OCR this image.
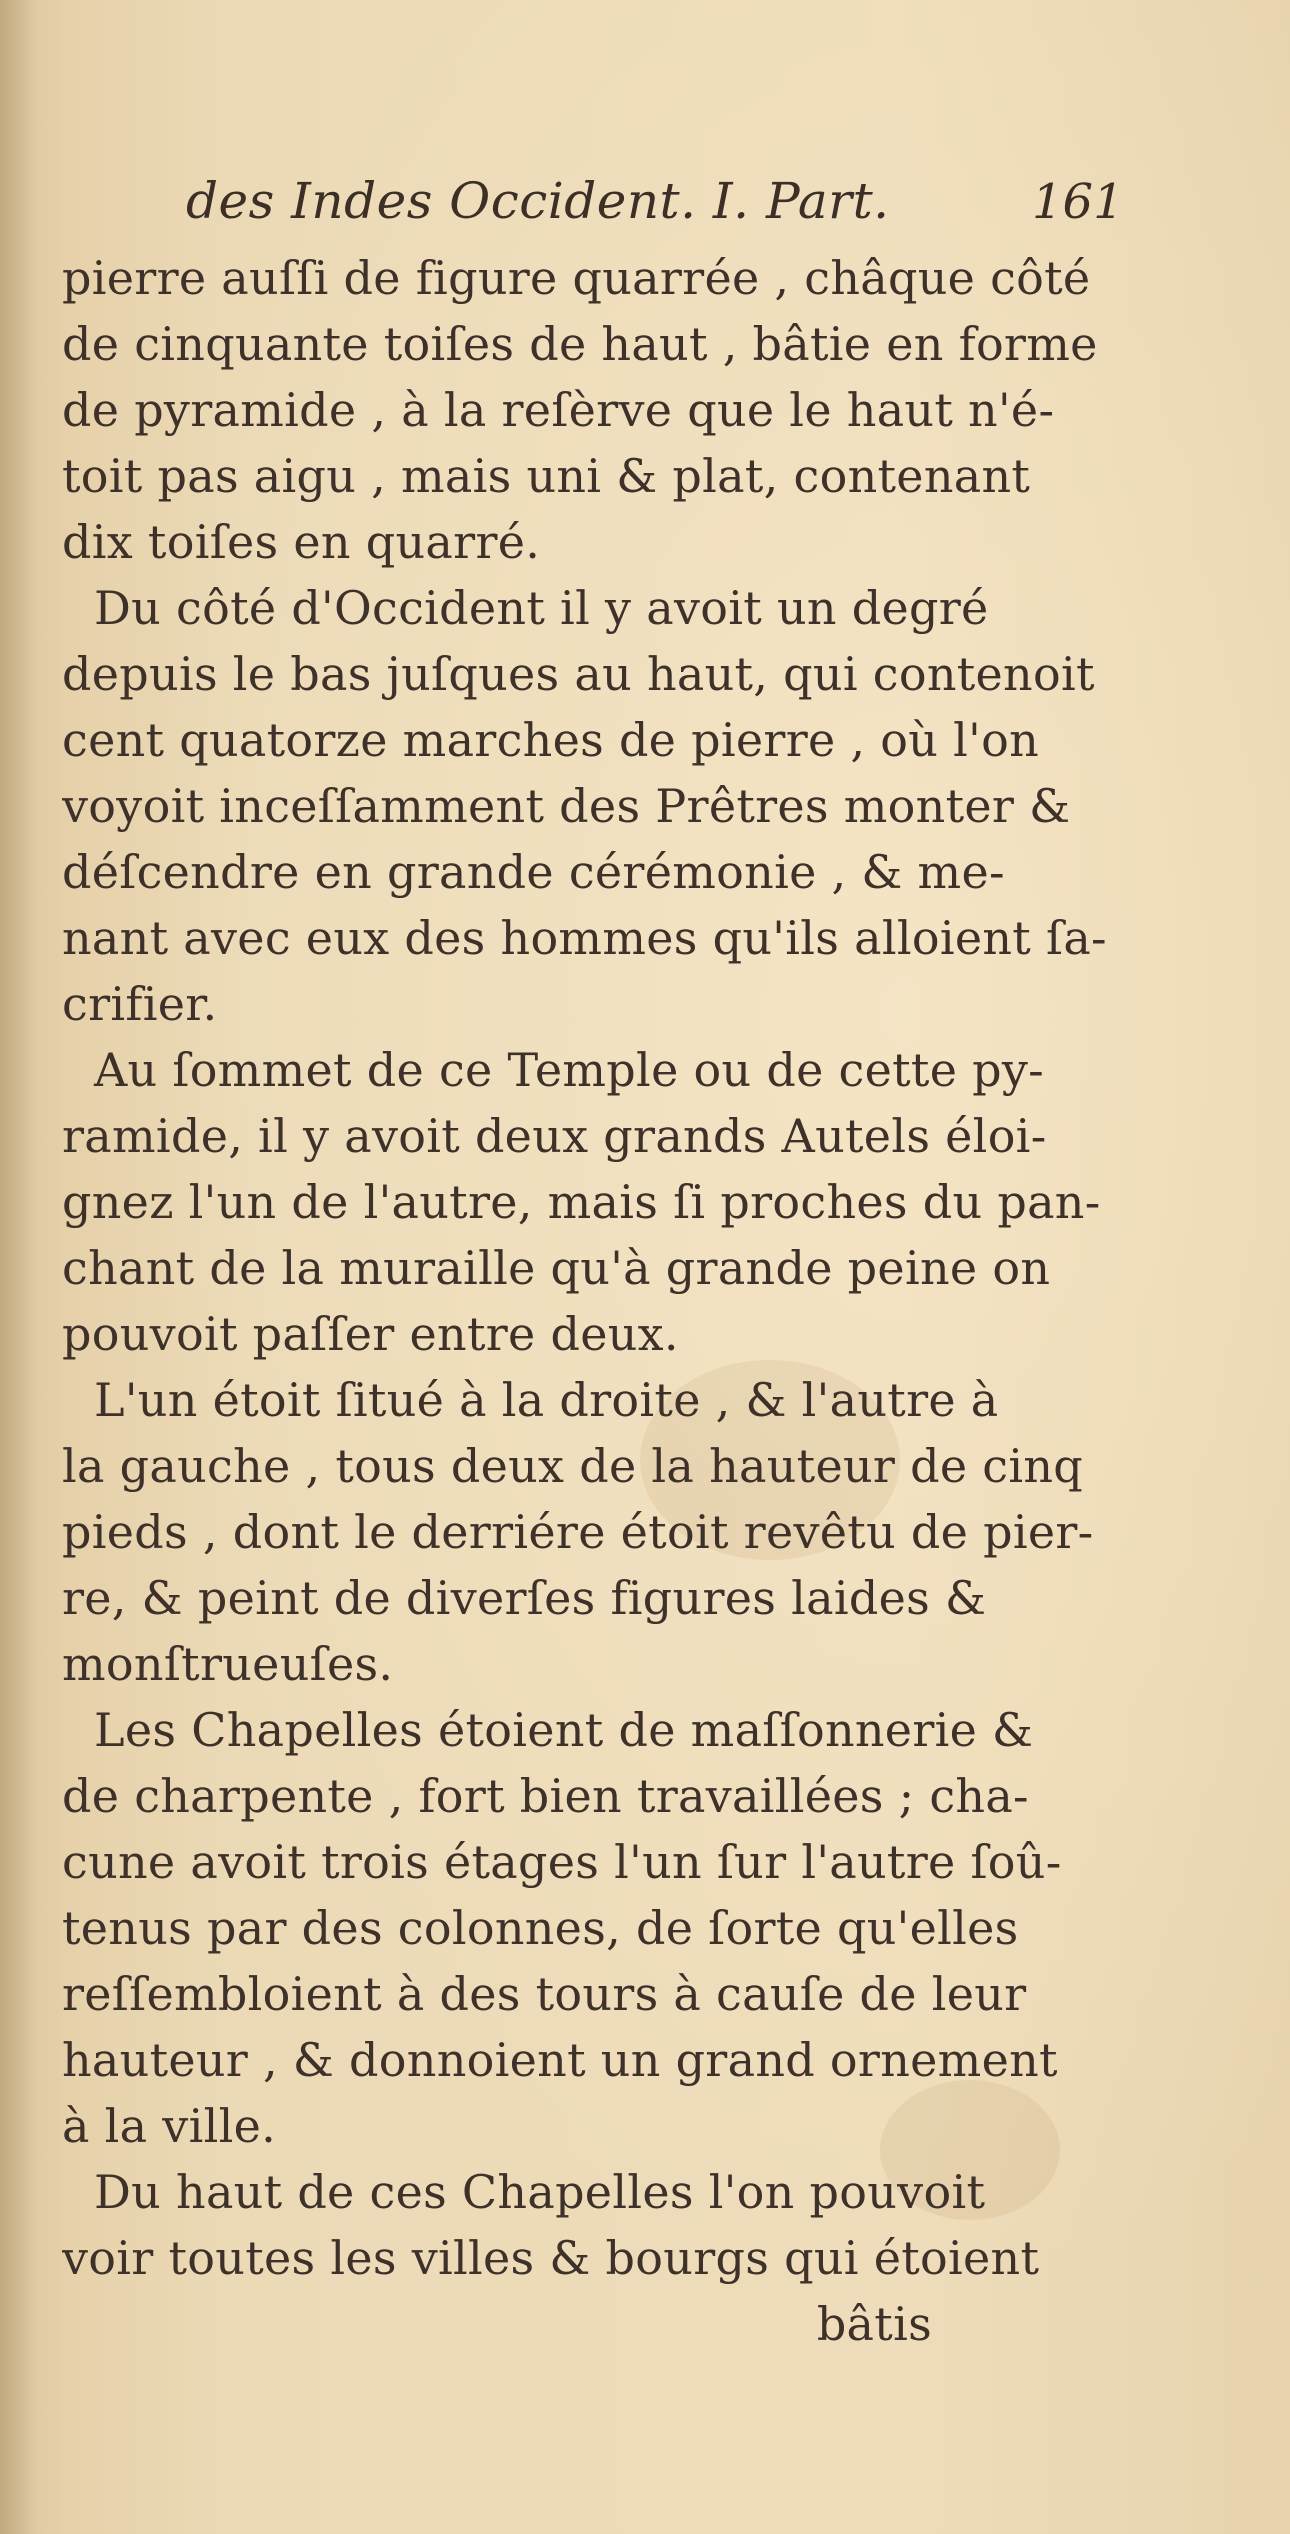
des Indes Occident. I. Part.	161
pierre auſſi de figure quarrée , châque côté
de cinquante toiſes de haut , bâtie en forme
de pyramide , à la reſèrve que le haut n'é-
toit pas aigu , mais uni & plat, contenant
dix toiſes en quarré.
Du côté d'Occident il y avoit un degré
depuis le bas juſques au haut, qui contenoit
cent quatorze marches de pierre , où l'on
voyoit inceſſamment des Prêtres monter &
déſcendre en grande cérémonie , & me-
nant avec eux des hommes qu'ils alloient ſa-
crifier.
Au ſommet de ce Temple ou de cette py-
ramide, il y avoit deux grands Autels éloi-
gnez l'un de l'autre, mais ſi proches du pan-
chant de la muraille qu'à grande peine on
pouvoit paſſer entre deux.
L'un étoit ſitué à la droite , & l'autre à
la gauche , tous deux de la hauteur de cinq
pieds , dont le derriére étoit revêtu de pier-
re, & peint de diverſes figures laides &
monſtrueuſes.
Les Chapelles étoient de maſſonnerie &
de charpente , fort bien travaillées ; cha-
cune avoit trois étages l'un ſur l'autre ſoû-
tenus par des colonnes, de ſorte qu'elles
reſſembloient à des tours à cauſe de leur
hauteur , & donnoient un grand ornement
à la ville.
Du haut de ces Chapelles l'on pouvoit
voir toutes les villes & bourgs qui étoient
bâtis
